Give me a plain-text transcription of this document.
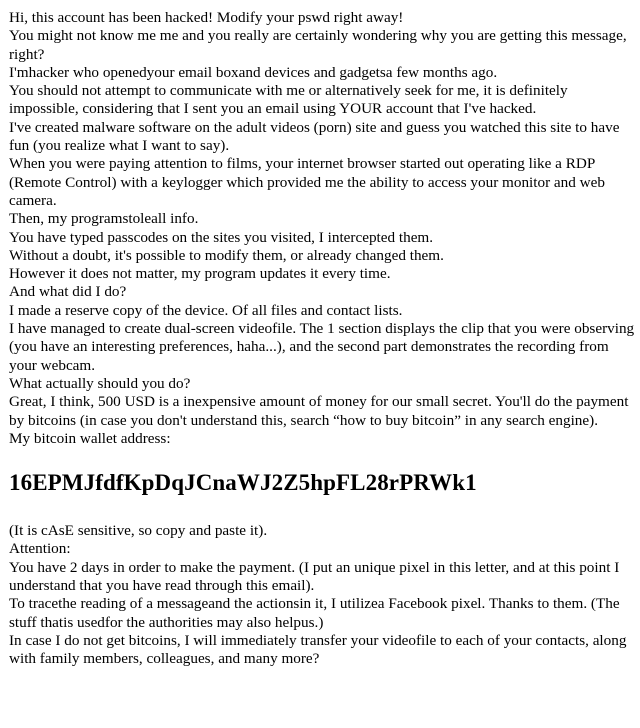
Hi, this account has been hacked! Modify your pswd right away!

You might not know me me and you really are certainly wondering why you are getting this message, right?

I'mhacker who openedyour email boxand devices and gadgetsa few months ago.

You should not attempt to communicate with me or alternatively seek for me, it is definitely impossible, considering that I sent you an email using YOUR account that I've hacked.

I've created malware software on the adult videos (porn) site and guess you watched this site to have fun (you realize what I want to say).

When you were paying attention to films, your internet browser started out operating like a RDP (Remote Control) with a keylogger which provided me the ability to access your monitor and web camera.

Then, my programstoleall info.

You have typed passcodes on the sites you visited, I intercepted them.

Without a doubt, it's possible to modify them, or already changed them.

However it does not matter, my program updates it every time.

And what did I do?

I made a reserve copy of the device. Of all files and contact lists.

I have managed to create dual-screen videofile. The 1 section displays the clip that you were observing (you have an interesting preferences, haha...), and the second part demonstrates the recording from your webcam.

What actually should you do?

Great, I think, 500 USD is a inexpensive amount of money for our small secret. You'll do the payment by bitcoins (in case you don't understand this, search “how to buy bitcoin” in any search engine).

My bitcoin wallet address:

16EPMJfdfKpDqJCnaWJ2Z5hpFL28rPRWk1

(It is cAsE sensitive, so copy and paste it).

Attention:

You have 2 days in order to make the payment. (I put an unique pixel in this letter, and at this point I understand that you have read through this email).

To tracethe reading of a messageand the actionsin it, I utilizea Facebook pixel. Thanks to them. (The stuff thatis usedfor the authorities may also helpus.)

In case I do not get bitcoins, I will immediately transfer your videofile to each of your contacts, along with family members, colleagues, and many more?
